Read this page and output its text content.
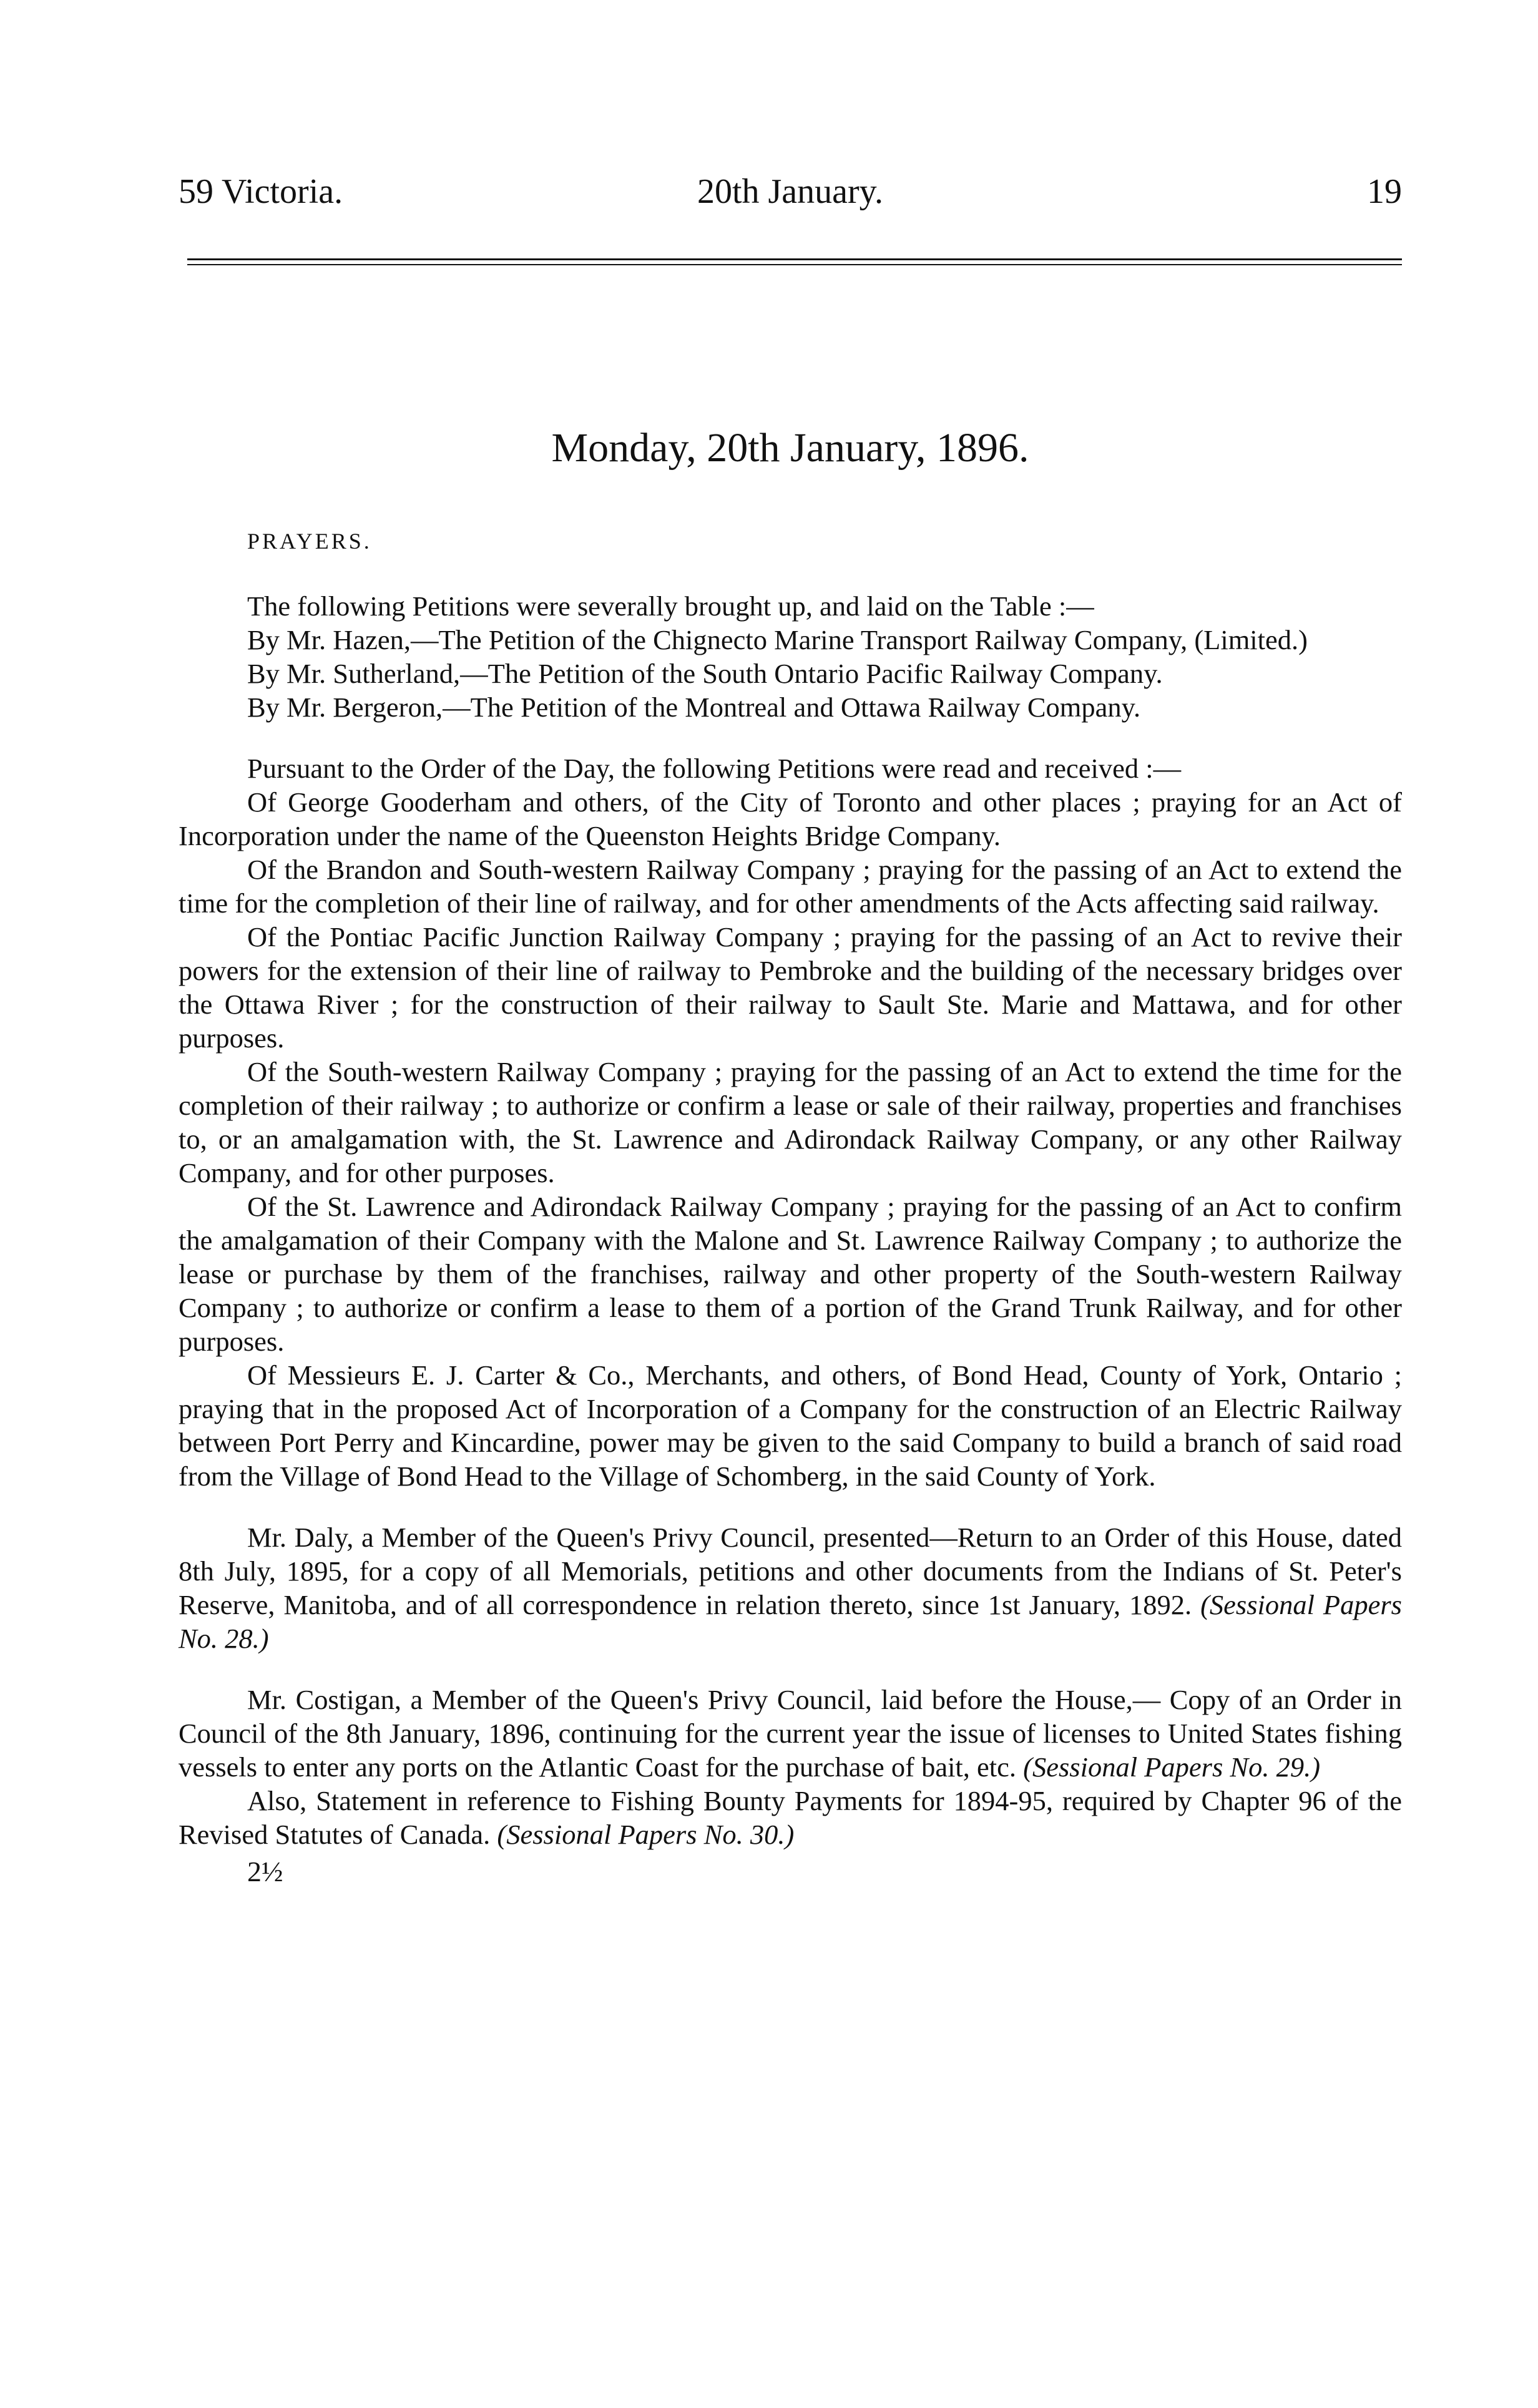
59 Victoria.	20th January.	19
Monday, 20th January, 1896.
PRAYERS.

The following Petitions were severally brought up, and laid on the Table :—

By Mr. Hazen,—The Petition of the Chignecto Marine Transport Railway Company, (Limited.)

By Mr. Sutherland,—The Petition of the South Ontario Pacific Railway Company.

By Mr. Bergeron,—The Petition of the Montreal and Ottawa Railway Company.

Pursuant to the Order of the Day, the following Petitions were read and received :—

Of George Gooderham and others, of the City of Toronto and other places ; praying for an Act of Incorporation under the name of the Queenston Heights Bridge Company.

Of the Brandon and South-western Railway Company ; praying for the passing of an Act to extend the time for the completion of their line of railway, and for other amendments of the Acts affecting said railway.

Of the Pontiac Pacific Junction Railway Company ; praying for the passing of an Act to revive their powers for the extension of their line of railway to Pembroke and the building of the necessary bridges over the Ottawa River ; for the construction of their railway to Sault Ste. Marie and Mattawa, and for other purposes.

Of the South-western Railway Company ; praying for the passing of an Act to extend the time for the completion of their railway ; to authorize or confirm a lease or sale of their railway, properties and franchises to, or an amalgamation with, the St. Lawrence and Adirondack Railway Company, or any other Railway Company, and for other purposes.

Of the St. Lawrence and Adirondack Railway Company ; praying for the passing of an Act to confirm the amalgamation of their Company with the Malone and St. Lawrence Railway Company ; to authorize the lease or purchase by them of the franchises, railway and other property of the South-western Railway Company ; to authorize or confirm a lease to them of a portion of the Grand Trunk Railway, and for other purposes.

Of Messieurs E. J. Carter & Co., Merchants, and others, of Bond Head, County of York, Ontario ; praying that in the proposed Act of Incorporation of a Company for the construction of an Electric Railway between Port Perry and Kincardine, power may be given to the said Company to build a branch of said road from the Village of Bond Head to the Village of Schomberg, in the said County of York.

Mr. Daly, a Member of the Queen's Privy Council, presented—Return to an Order of this House, dated 8th July, 1895, for a copy of all Memorials, petitions and other documents from the Indians of St. Peter's Reserve, Manitoba, and of all correspondence in relation thereto, since 1st January, 1892. (Sessional Papers No. 28.)

Mr. Costigan, a Member of the Queen's Privy Council, laid before the House,— Copy of an Order in Council of the 8th January, 1896, continuing for the current year the issue of licenses to United States fishing vessels to enter any ports on the Atlantic Coast for the purchase of bait, etc. (Sessional Papers No. 29.)

Also, Statement in reference to Fishing Bounty Payments for 1894-95, required by Chapter 96 of the Revised Statutes of Canada. (Sessional Papers No. 30.)

2½
